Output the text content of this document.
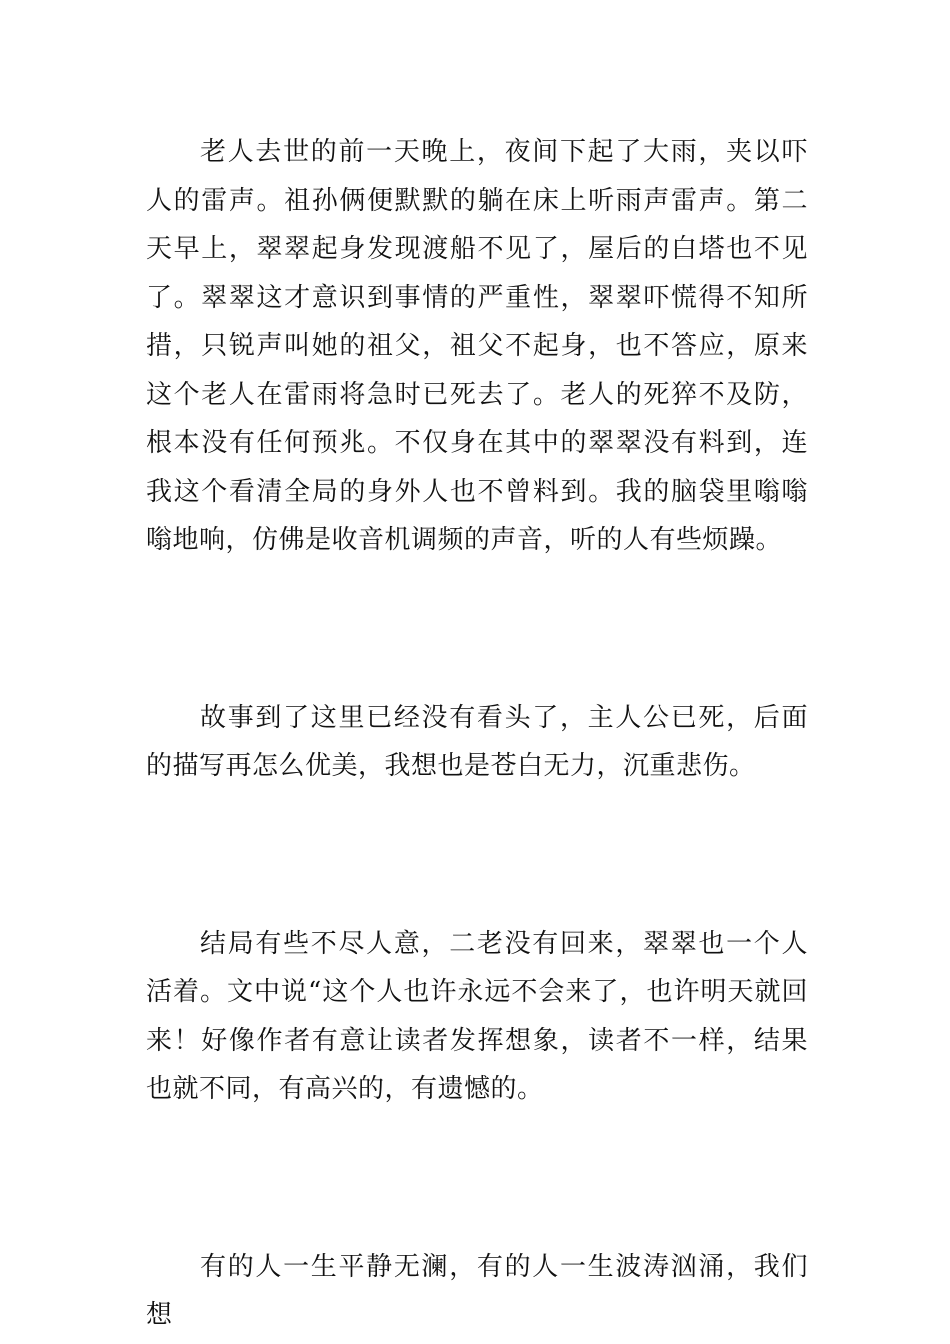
老人去世的前一天晚上，夜间下起了大雨，夹以吓人的雷声。祖孙俩便默默的躺在床上听雨声雷声。第二天早上，翠翠起身发现渡船不见了，屋后的白塔也不见了。翠翠这才意识到事情的严重性，翠翠吓慌得不知所措，只锐声叫她的祖父，祖父不起身，也不答应，原来这个老人在雷雨将急时已死去了。老人的死猝不及防，根本没有任何预兆。不仅身在其中的翠翠没有料到，连我这个看清全局的身外人也不曾料到。我的脑袋里嗡嗡嗡地响，仿佛是收音机调频的声音，听的人有些烦躁。

故事到了这里已经没有看头了，主人公已死，后面的描写再怎么优美，我想也是苍白无力，沉重悲伤。

结局有些不尽人意，二老没有回来，翠翠也一个人活着。文中说“这个人也许永远不会来了，也许明天就回来！好像作者有意让读者发挥想象，读者不一样，结果也就不同，有高兴的，有遗憾的。

有的人一生平静无澜，有的人一生波涛汹涌，我们想
